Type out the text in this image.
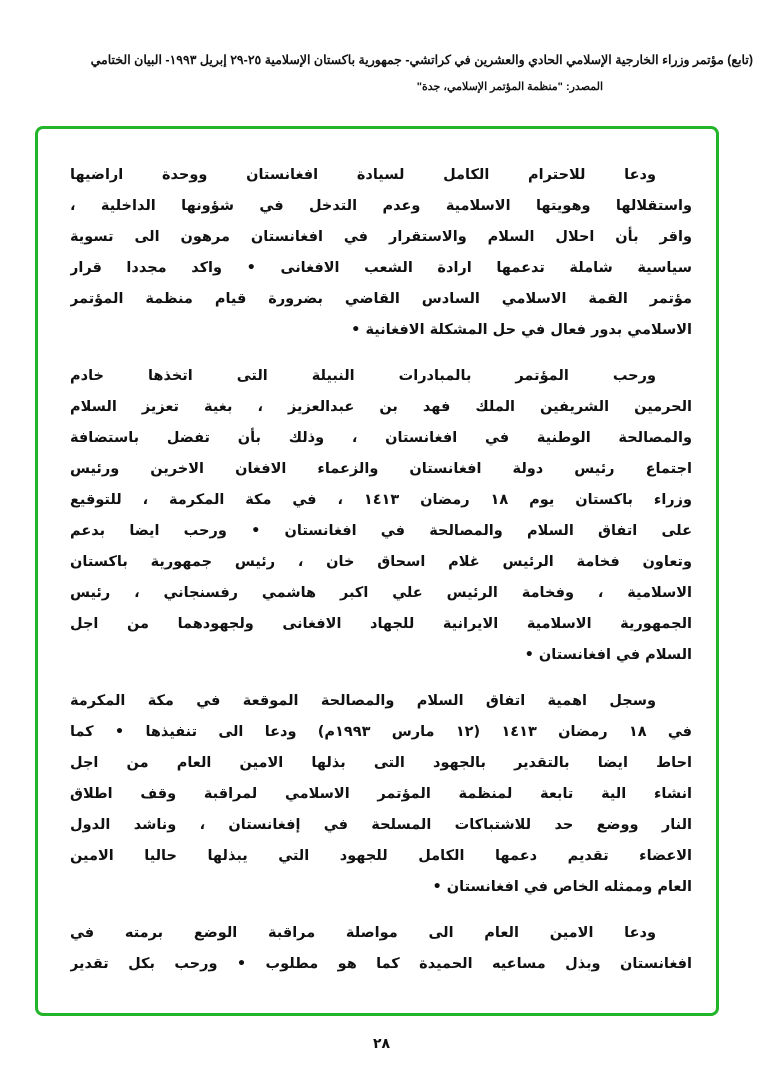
(تابع) مؤتمر وزراء الخارجية الإسلامي الحادي والعشرين في كراتشي- جمهورية باكستان الإسلامية ٢٥-٢٩ إبريل ١٩٩٣- البيان الختامي
المصدر: "منظمة المؤتمر الإسلامي، جدة"
ودعا للاحترام الكامل لسيادة افغانستان ووحدة اراضيها
واستقلالها وهويتها الاسلامية وعدم التدخل في شؤونها الداخلية ،
واقر بأن احلال السلام والاستقرار في افغانستان مرهون الى تسوية
سياسية شاملة تدعمها ارادة الشعب الافغانى • واكد مجددا قرار
مؤتمر القمة الاسلامي السادس القاضي بضرورة قيام منظمة المؤتمر
الاسلامي بدور فعال في حل المشكلة الافغانية •
ورحب المؤتمر بالمبادرات النبيلة التى اتخذها خادم
الحرمين الشريفين الملك فهد بن عبدالعزيز ، بغية تعزيز السلام
والمصالحة الوطنية في افغانستان ، وذلك بأن تفضل باستضافة
اجتماع رئيس دولة افغانستان والزعماء الافغان الاخرين ورئيس
وزراء باكستان يوم ١٨ رمضان ١٤١٣ ، في مكة المكرمة ، للتوقيع
على اتفاق السلام والمصالحة في افغانستان • ورحب ايضا بدعم
وتعاون فخامة الرئيس غلام اسحاق خان ، رئيس جمهورية باكستان
الاسلامية ، وفخامة الرئيس علي اكبر هاشمي رفسنجاني ، رئيس
الجمهورية الاسلامية الايرانية للجهاد الافغانى ولجهودهما من اجل
السلام في افغانستان •
وسجل اهمية اتفاق السلام والمصالحة الموقعة في مكة المكرمة
في ١٨ رمضان ١٤١٣ (١٢ مارس ١٩٩٣م) ودعا الى تنفيذها • كما
احاط ايضا بالتقدير بالجهود التى بذلها الامين العام من اجل
انشاء الية تابعة لمنظمة المؤتمر الاسلامي لمراقبة وقف اطلاق
النار ووضع حد للاشتباكات المسلحة في إفغانستان ، وناشد الدول
الاعضاء تقديم دعمها الكامل للجهود التي يبذلها حاليا الامين
العام وممثله الخاص في افغانستان •
ودعا الامين العام الى مواصلة مراقبة الوضع برمته في
افغانستان وبذل مساعيه الحميدة كما هو مطلوب • ورحب بكل تقدير
٢٨
